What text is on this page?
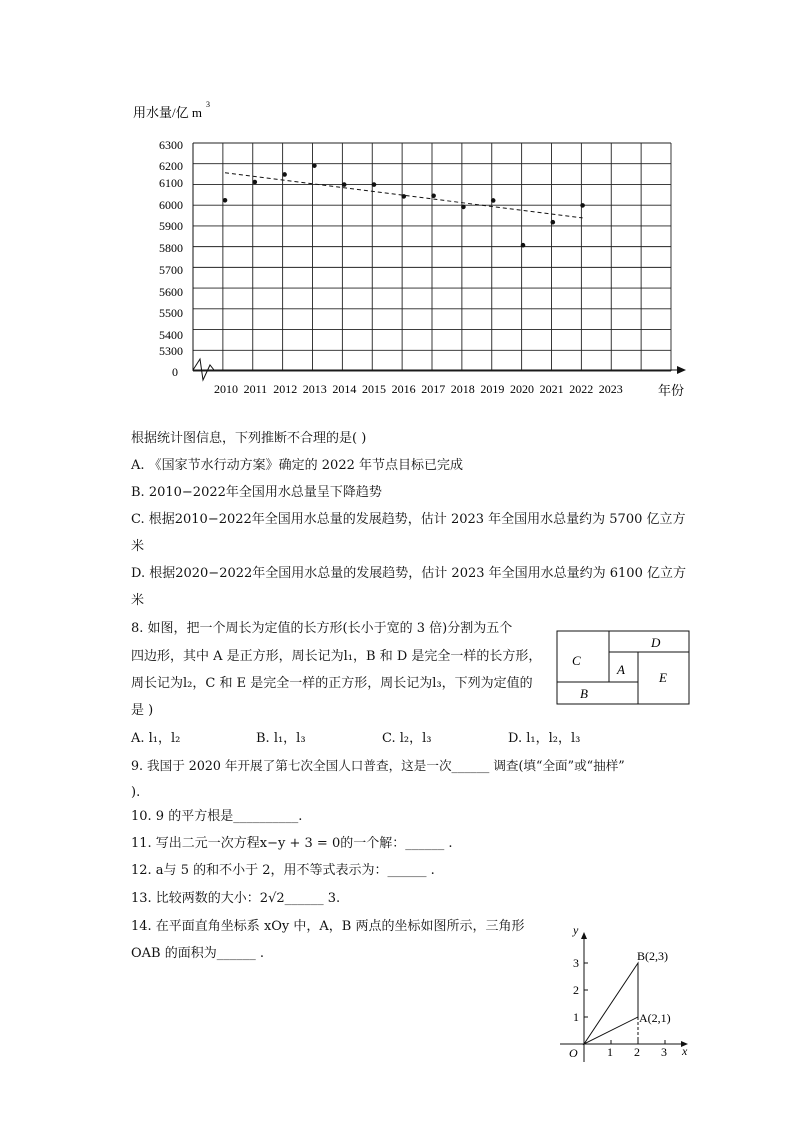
用水量/亿 m
3
6300
6200
6100
6000
5900
5800
5700
5600
5500
5400
5300
0
2010 2011 2012 2013 2014 2015 2016 2017 2018 2019 2020 2021 2022 2023	年份
根据统计图信息，下列推断不合理的是( )
A. 《国家节水行动方案》确定的 2022 年节点目标已完成
B. 2010−2022年全国用水总量呈下降趋势
C. 根据2010−2022年全国用水总量的发展趋势，估计 2023 年全国用水总量约为 5700 亿立方
米
D. 根据2020−2022年全国用水总量的发展趋势，估计 2023 年全国用水总量约为 6100 亿立方
米
8. 如图，把一个周长为定值的长方形(长小于宽的 3 倍)分割为五个
四边形，其中 A 是正方形，周长记为l₁，B 和 D 是完全一样的长方形，
周长记为l₂，C 和 E 是完全一样的正方形，周长记为l₃，下列为定值的
是 )
C
A
D
E
B
A. l₁，l₂	B. l₁，l₃	C. l₂，l₃	D. l₁，l₂，l₃
9. 我国于 2020 年开展了第七次全国人口普查，这是一次______ 调查(填“全面”或“抽样”
).
10. 9 的平方根是__________.
11. 写出二元一次方程x−y + 3 = 0的一个解：______ .
12. a与 5 的和不小于 2，用不等式表示为：______ .
13. 比较两数的大小：2√2______ 3.
14. 在平面直角坐标系 xOy 中，A，B 两点的坐标如图所示，三角形
OAB 的面积为______ .
x
y
O 1 2 3
1
2
3	B(2,3)
A(2,1)
